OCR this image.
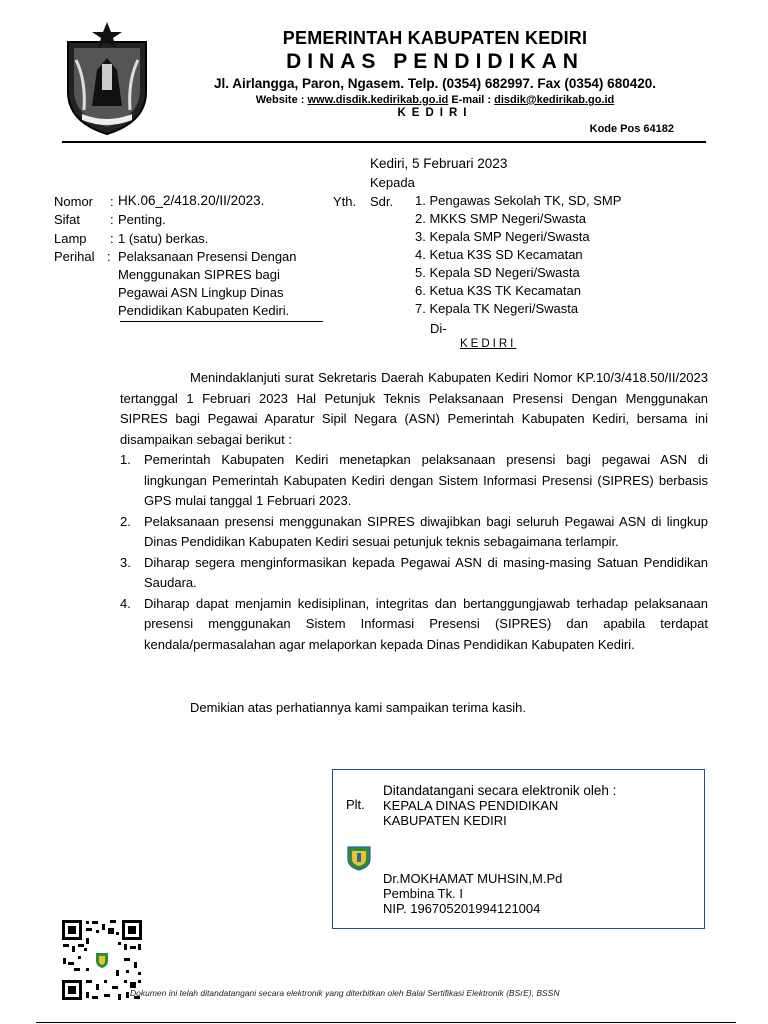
PEMERINTAH KABUPATEN KEDIRI
DINAS PENDIDIKAN
Jl. Airlangga, Paron, Ngasem. Telp. (0354) 682997. Fax (0354) 680420.
Website : www.disdik.kedirikab.go.id E-mail : disdik@kedirikab.go.id
KEDIRI
Kode Pos 64182
Kediri, 5 Februari 2023
Kepada
Nomor : HK.06_2/418.20/II/2023.
Sifat : Penting.
Lamp : 1 (satu) berkas.
Perihal : Pelaksanaan Presensi Dengan
Menggunakan SIPRES bagi
Pegawai ASN Lingkup Dinas
Pendidikan Kabupaten Kediri.
Yth. Sdr. 1. Pengawas Sekolah TK, SD, SMP
2. MKKS SMP Negeri/Swasta
3. Kepala SMP Negeri/Swasta
4. Ketua K3S SD Kecamatan
5. Kepala SD Negeri/Swasta
6. Ketua K3S TK Kecamatan
7. Kepala TK Negeri/Swasta
Di-
KEDIRI
Menindaklanjuti surat Sekretaris Daerah Kabupaten Kediri Nomor KP.10/3/418.50/II/2023 tertanggal 1 Februari 2023 Hal Petunjuk Teknis Pelaksanaan Presensi Dengan Menggunakan SIPRES bagi Pegawai Aparatur Sipil Negara (ASN) Pemerintah Kabupaten Kediri, bersama ini disampaikan sebagai berikut :
1.	Pemerintah Kabupaten Kediri menetapkan pelaksanaan presensi bagi pegawai ASN di lingkungan Pemerintah Kabupaten Kediri dengan Sistem Informasi Presensi (SIPRES) berbasis GPS mulai tanggal 1 Februari 2023.
2.	Pelaksanaan presensi menggunakan SIPRES diwajibkan bagi seluruh Pegawai ASN di lingkup Dinas Pendidikan Kabupaten Kediri sesuai petunjuk teknis sebagaimana terlampir.
3.	Diharap segera menginformasikan kepada Pegawai ASN di masing-masing Satuan Pendidikan Saudara.
4.	Diharap dapat menjamin kedisiplinan, integritas dan bertanggungjawab terhadap pelaksanaan presensi menggunakan Sistem Informasi Presensi (SIPRES) dan apabila terdapat kendala/permasalahan agar melaporkan kepada Dinas Pendidikan Kabupaten Kediri.
Demikian atas perhatiannya kami sampaikan terima kasih.
Plt.
Ditandatangani secara elektronik oleh :
KEPALA DINAS PENDIDIKAN
KABUPATEN KEDIRI
Dr.MOKHAMAT MUHSIN,M.Pd
Pembina Tk. I
NIP. 196705201994121004
Dokumen ini telah ditandatangani secara elektronik yang diterbitkan oleh Balai Sertifikasi Elektronik (BSrE), BSSN
